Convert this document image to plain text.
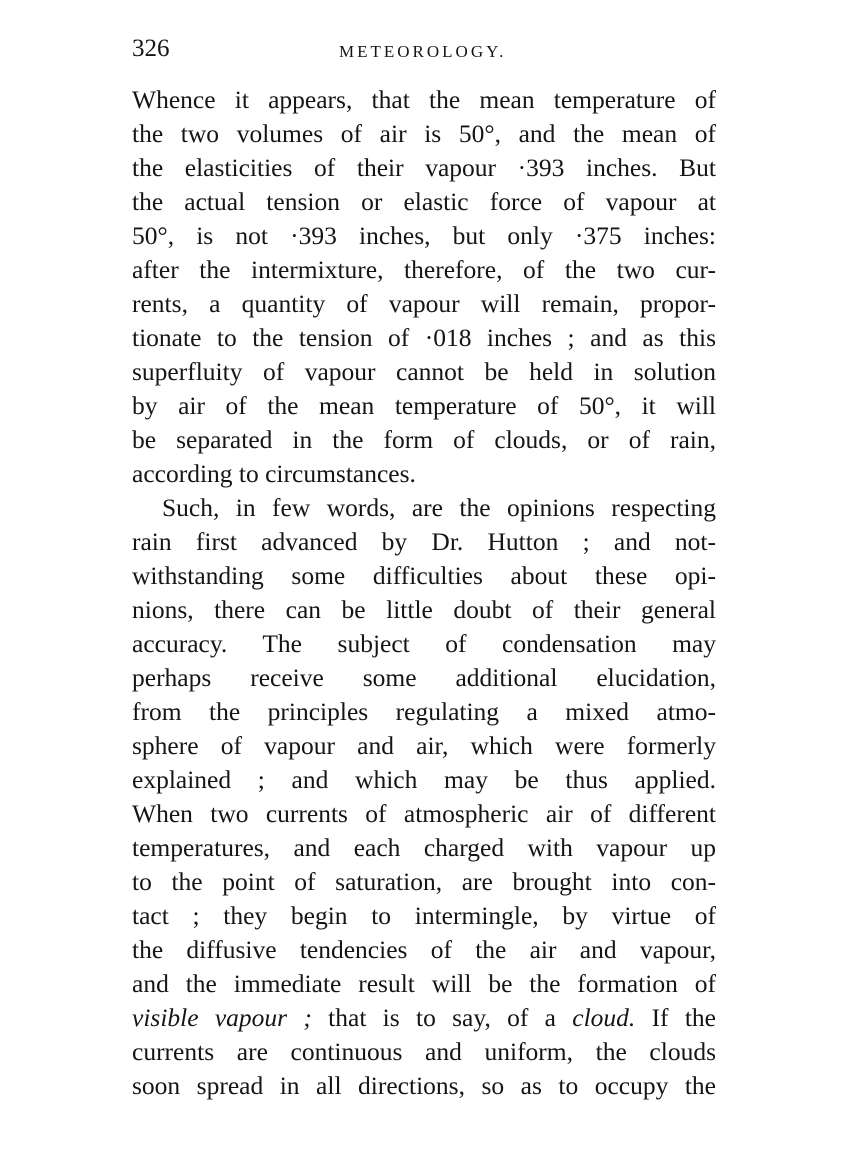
326	METEOROLOGY.
Whence it appears, that the mean temperature of
the two volumes of air is 50°, and the mean of
the elasticities of their vapour ·393 inches. But
the actual tension or elastic force of vapour at
50°, is not ·393 inches, but only ·375 inches:
after the intermixture, therefore, of the two cur-
rents, a quantity of vapour will remain, propor-
tionate to the tension of ·018 inches ; and as this
superfluity of vapour cannot be held in solution
by air of the mean temperature of 50°, it will
be separated in the form of clouds, or of rain,
according to circumstances.
Such, in few words, are the opinions respecting
rain first advanced by Dr. Hutton ; and not-
withstanding some difficulties about these opi-
nions, there can be little doubt of their general
accuracy. The subject of condensation may
perhaps receive some additional elucidation,
from the principles regulating a mixed atmo-
sphere of vapour and air, which were formerly
explained ; and which may be thus applied.
When two currents of atmospheric air of different
temperatures, and each charged with vapour up
to the point of saturation, are brought into con-
tact ; they begin to intermingle, by virtue of
the diffusive tendencies of the air and vapour,
and the immediate result will be the formation of
visible vapour ; that is to say, of a cloud. If the
currents are continuous and uniform, the clouds
soon spread in all directions, so as to occupy the
